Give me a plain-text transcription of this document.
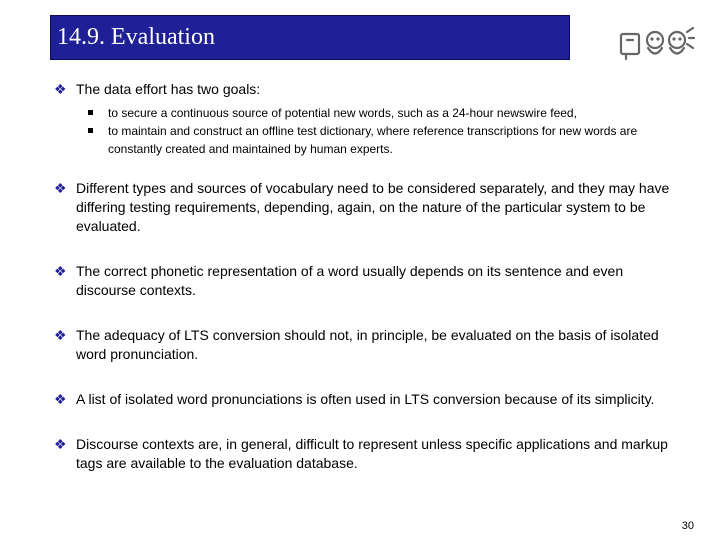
14.9. Evaluation
❖ The data effort has two goals:
to secure a continuous source of potential new words, such as a 24-hour newswire feed,
to maintain and construct an offline test dictionary, where reference transcriptions for new words are constantly created and maintained by human experts.
❖ Different types and sources of vocabulary need to be considered separately, and they may have differing testing requirements, depending, again, on the nature of the particular system to be evaluated.
❖ The correct phonetic representation of a word usually depends on its sentence and even discourse contexts.
❖ The adequacy of LTS conversion should not, in principle, be evaluated on the basis of isolated word pronunciation.
❖ A list of isolated word pronunciations is often used in LTS conversion because of its simplicity.
❖ Discourse contexts are, in general, difficult to represent unless specific applications and markup tags are available to the evaluation database.
30
